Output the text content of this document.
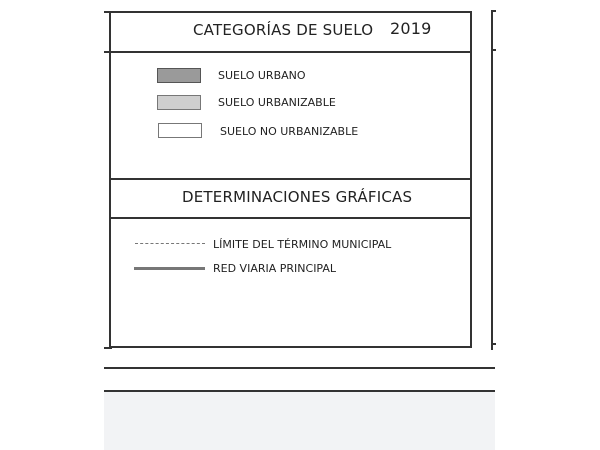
CATEGORÍAS DE SUELO 2019
SUELO URBANO
SUELO URBANIZABLE
SUELO NO URBANIZABLE
DETERMINACIONES GRÁFICAS
LÍMITE DEL TÉRMINO MUNICIPAL
RED VIARIA PRINCIPAL
